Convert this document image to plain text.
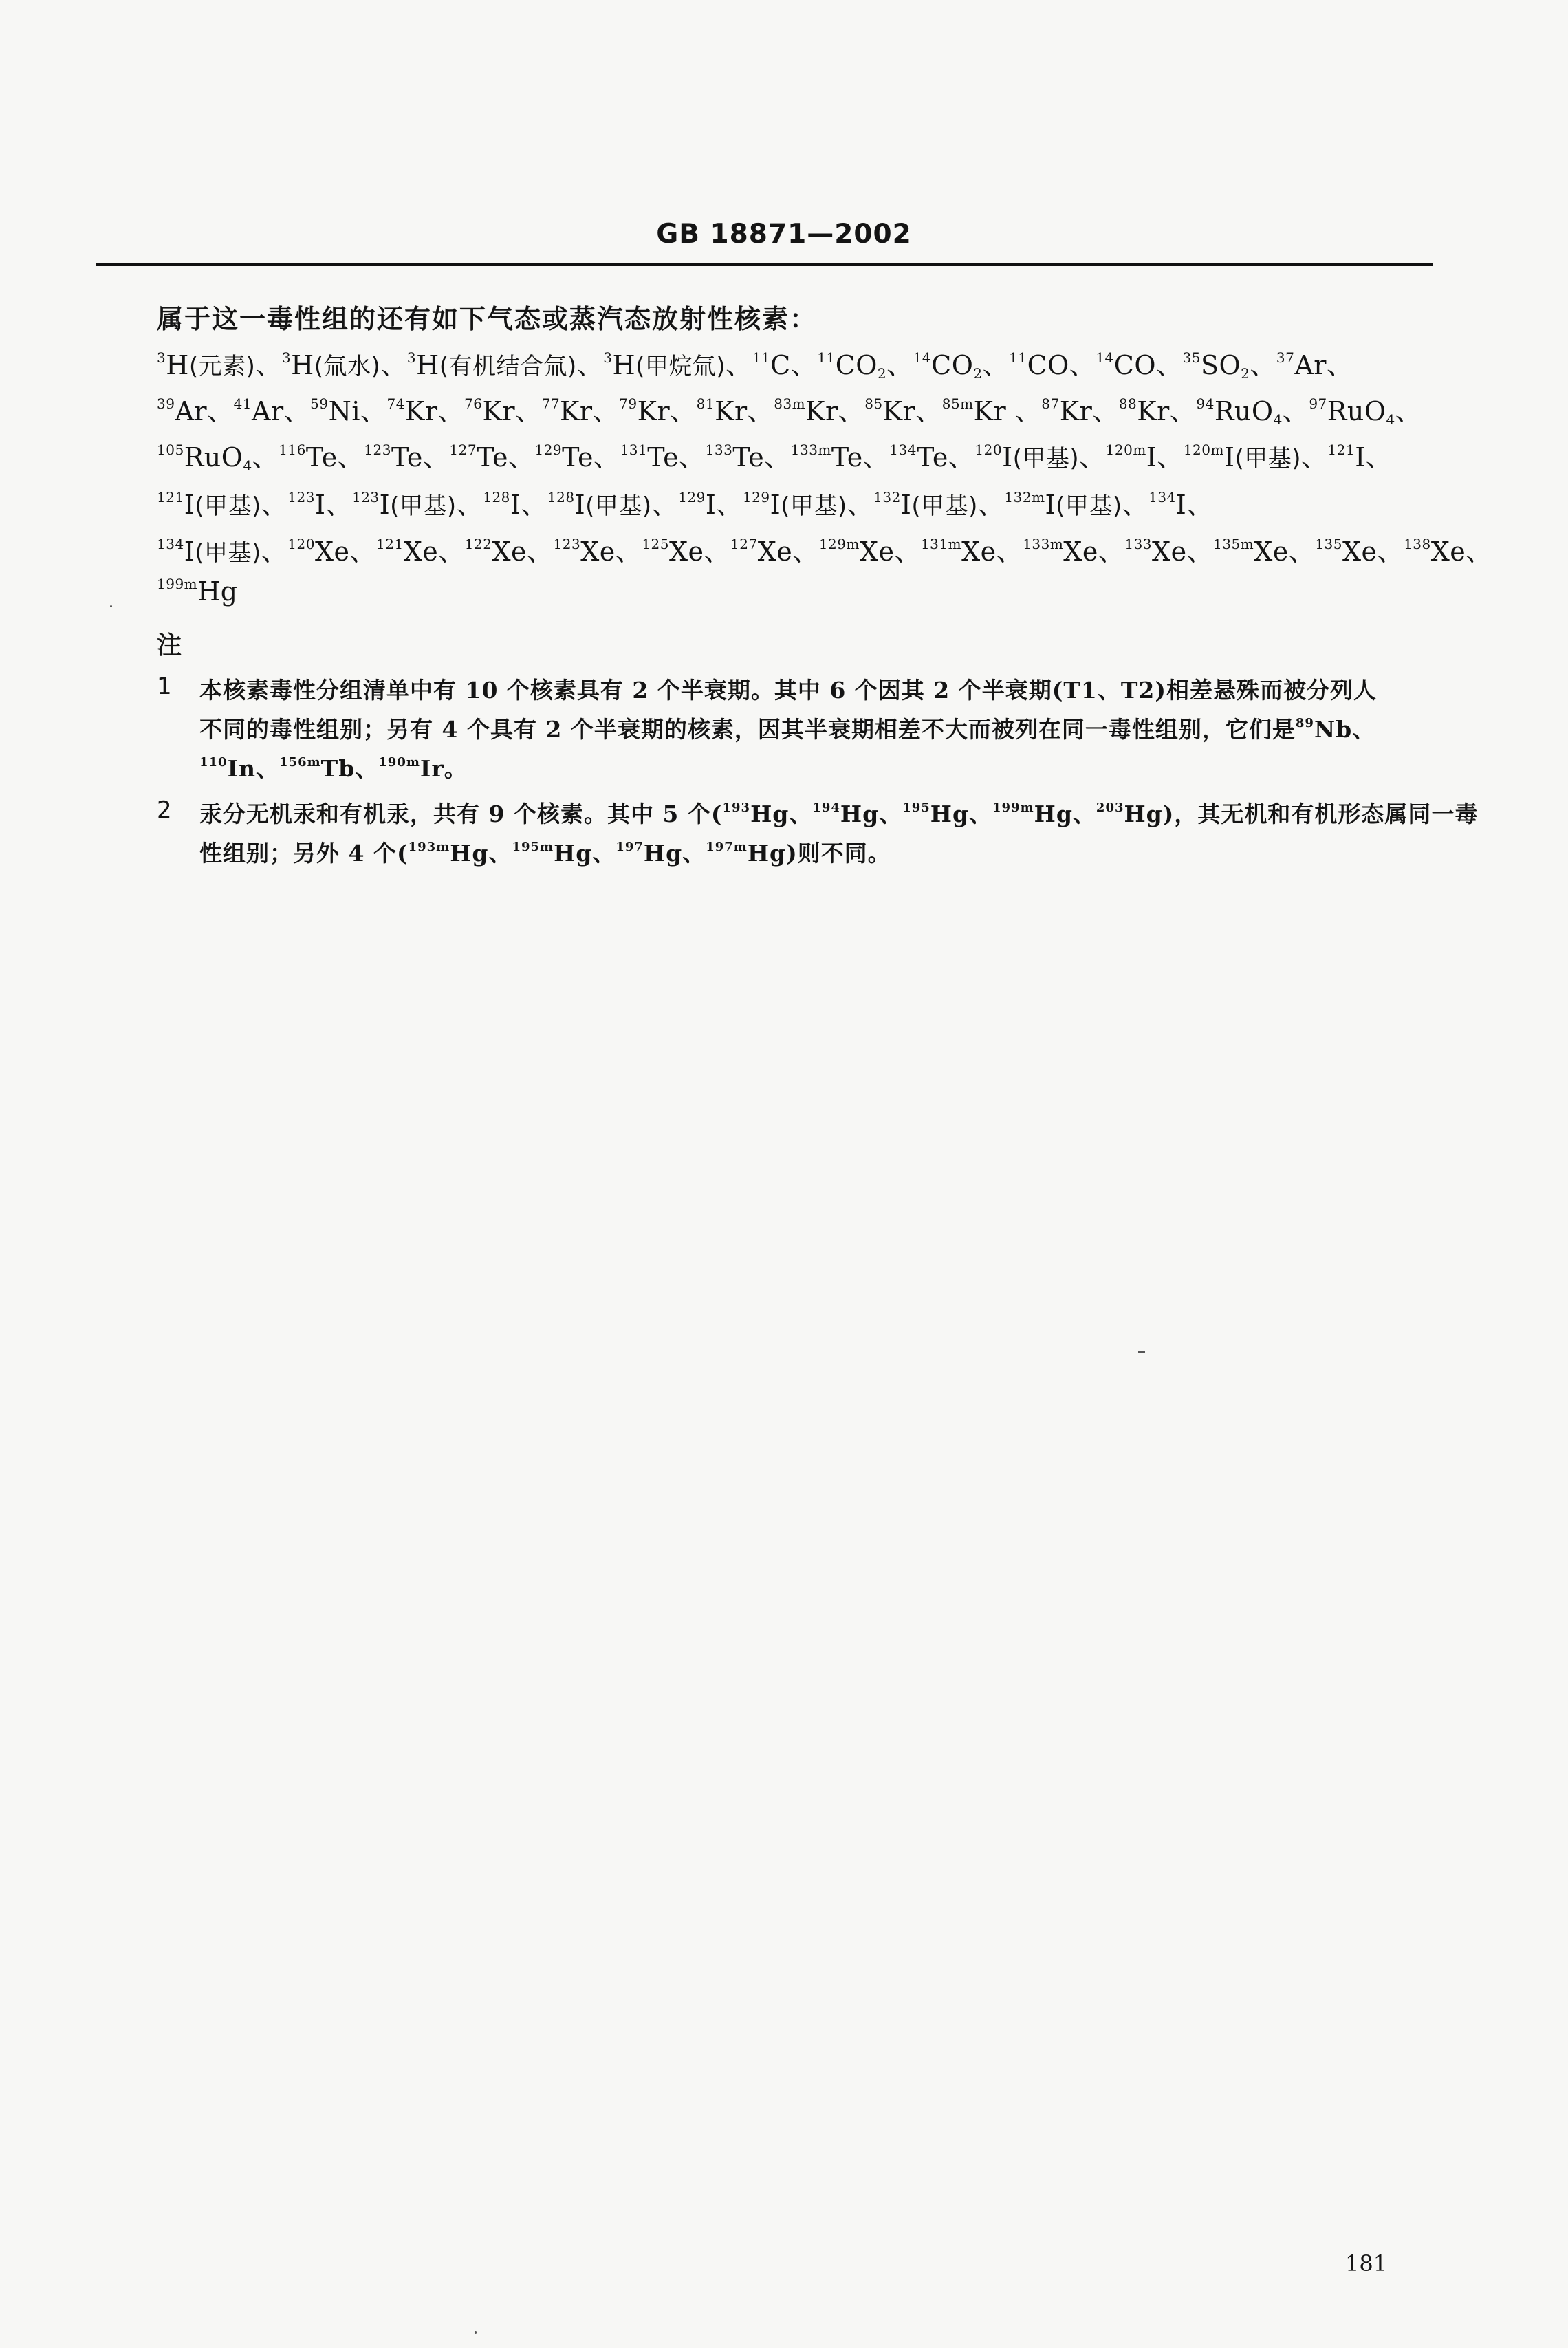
GB 18871—2002
属于这一毒性组的还有如下气态或蒸汽态放射性核素：
$^3$H(元素)、$^3$H(氚水)、$^3$H(有机结合氚)、$^3$H(甲烷氚)、$^{11}$C、$^{11}CO_2$、$^{14}CO_2$、$^{11}$CO、$^{14}$CO、$^{35}SO_2$、$^{37}$Ar、
$^{39}$Ar、$^{41}$Ar、$^{59}$Ni、$^{74}$Kr、$^{76}$Kr、$^{77}$Kr、$^{79}$Kr、$^{81}$Kr、$^{83m}$Kr、$^{85}$Kr、$^{85m}$Kr 、$^{87}$Kr、$^{88}$Kr、$^{94}$RuO$_4$、$^{97}$RuO$_4$、
$^{105}$RuO$_4$、$^{116}$Te、$^{123}$Te、$^{127}$Te、$^{129}$Te、$^{131}$Te、$^{133}$Te、$^{133m}$Te、$^{134}$Te、$^{120}$I(甲基)、$^{120m}$I、$^{120m}$I(甲基)、$^{121}$I、
$^{121}$I(甲基)、$^{123}$I、$^{123}$I(甲基)、$^{128}$I、$^{128}$I(甲基)、$^{129}$I、$^{129}$I(甲基)、$^{132}$I(甲基)、$^{132m}$I(甲基)、$^{134}$I、
$^{134}$I(甲基)、$^{120}$Xe、$^{121}$Xe、$^{122}$Xe、$^{123}$Xe、$^{125}$Xe、$^{127}$Xe、$^{129m}$Xe、$^{131m}$Xe、$^{133m}$Xe、$^{133}$Xe、$^{135m}$Xe、$^{135}$Xe、$^{138}$Xe、
$^{199m}$Hg
注
1 本核素毒性分组清单中有 10 个核素具有 2 个半衰期。其中 6 个因其 2 个半衰期(T1、T2)相差悬殊而被分列人
不同的毒性组别；另有 4 个具有 2 个半衰期的核素，因其半衰期相差不大而被列在同一毒性组别，它们是$^{89}$Nb、
$^{110}$In、$^{156m}$Tb、$^{190m}$Ir。
2 汞分无机汞和有机汞，共有 9 个核素。其中 5 个($^{193}$Hg、$^{194}$Hg、$^{195}$Hg、$^{199m}$Hg、$^{203}$Hg)，其无机和有机形态属同一毒
性组别；另外 4 个($^{193m}$Hg、$^{195m}$Hg、$^{197}$Hg、$^{197m}$Hg)则不同。
181
